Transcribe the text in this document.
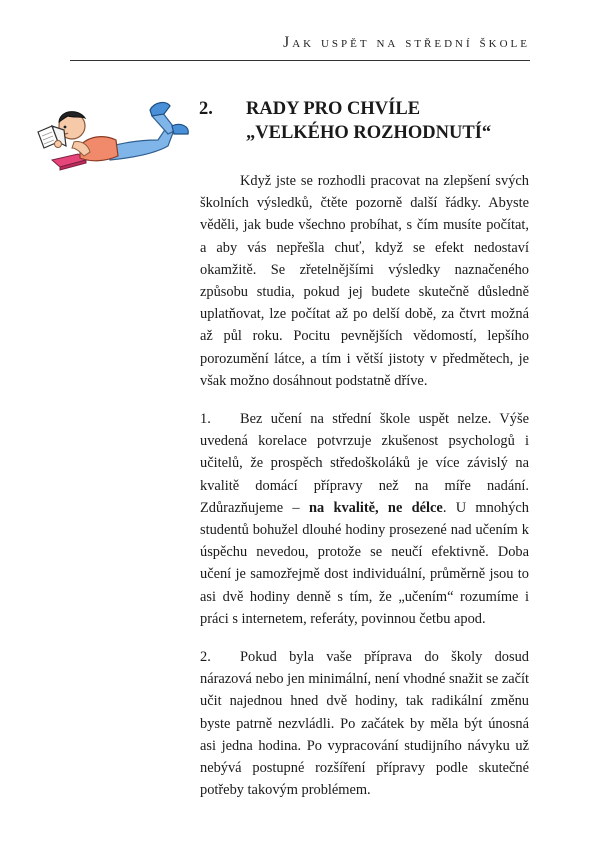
Jak uspět na střední škole
2. RADY PRO CHVÍLE
„VELKÉHO ROZHODNUTÍ“

Když jste se rozhodli pracovat na zlepšení svých školních výsledků, čtěte pozorně další řádky. Abyste věděli, jak bude všechno probíhat, s čím musíte počítat, a aby vás nepřešla chuť, když se efekt nedostaví okamžitě. Se zřetelnějšími výsledky naznačeného způsobu studia, pokud jej budete skutečně důsledně uplatňovat, lze počítat až po delší době, za čtvrt možná až půl roku. Pocitu pevnějších vědomostí, lepšího porozumění látce, a tím i větší jistoty v předmětech, je však možno dosáhnout podstatně dříve.

1. Bez učení na střední škole uspět nelze. Výše uvedená korelace potvrzuje zkušenost psychologů i učitelů, že prospěch středoškoláků je více závislý na kvalitě domácí přípravy než na míře nadání. Zdůrazňujeme – na kvalitě, ne délce. U mnohých studentů bohužel dlouhé hodiny prosezené nad učením k úspěchu nevedou, protože se neučí efektivně. Doba učení je samozřejmě dost individuální, průměrně jsou to asi dvě hodiny denně s tím, že „učením“ rozumíme i práci s internetem, referáty, povinnou četbu apod.

2. Pokud byla vaše příprava do školy dosud nárazová nebo jen minimální, není vhodné snažit se začít učit najednou hned dvě hodiny, tak radikální změnu byste patrně nezvládli. Po začátek by měla být únosná asi jedna hodina. Po vypracování studijního návyku už nebývá postupné rozšíření přípravy podle skutečné potřeby takovým problémem.
